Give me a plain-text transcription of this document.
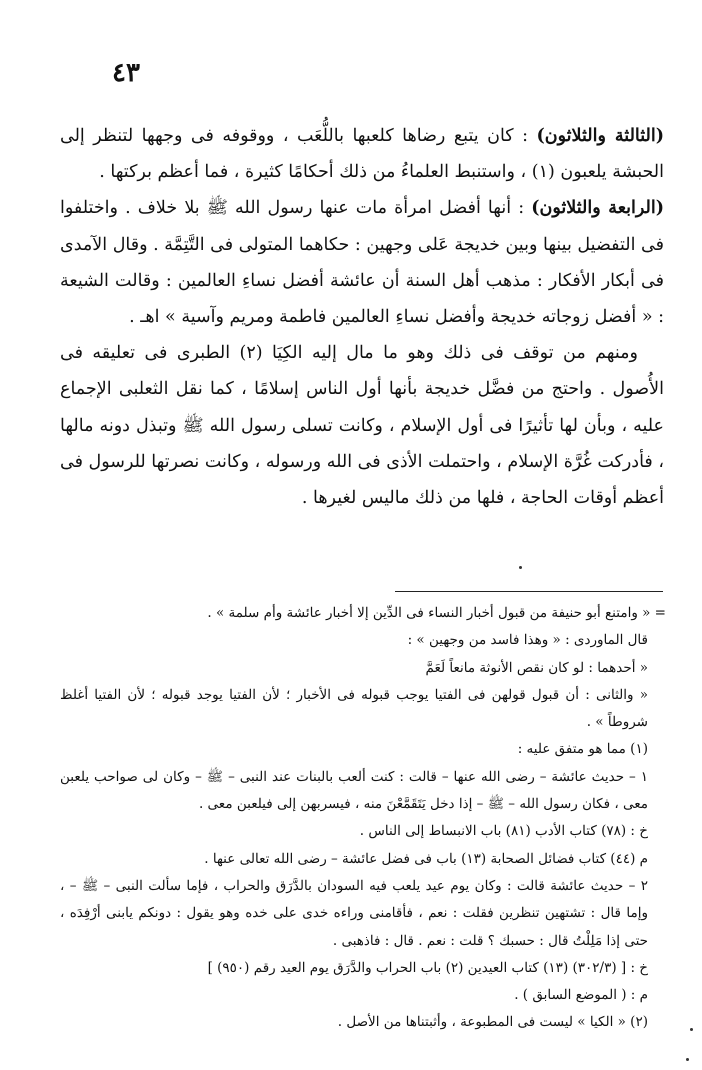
٤٣

(الثالثة والثلاثون) : كان يتبع رضاها كلعبها باللُّعَب ، ووقوفه فى وجهها لتنظر إلى الحبشة يلعبون (١) ، واستنبط العلماءُ من ذلك أحكامًا كثيرة ، فما أعظم بركتها .

(الرابعة والثلاثون) : أنها أفضل امرأة مات عنها رسول الله ﷺ بلا خلاف . واختلفوا فى التفضيل بينها وبين خديجة عَلى وجهين : حكاهما المتولى فى التَّتِمَّة . وقال الآمدى فى أبكار الأفكار : مذهب أهل السنة أن عائشة أفضل نساءِ العالمين : وقالت الشيعة : « أفضل زوجاته خديجة وأفضل نساءِ العالمين فاطمة ومريم وآسية » اهـ .

ومنهم من توقف فى ذلك وهو ما مال إليه الكِيَا (٢) الطبرى فى تعليقه فى الأُصول . واحتج من فضَّل خديجة بأنها أول الناس إسلامًا ، كما نقل الثعلبى الإجماع عليه ، وبأن لها تأثيرًا فى أول الإسلام ، وكانت تسلى رسول الله ﷺ وتبذل دونه مالها ، فأدركت غُرَّة الإسلام ، واحتملت الأذى فى الله ورسوله ، وكانت نصرتها للرسول فى أعظم أوقات الحاجة ، فلها من ذلك ماليس لغيرها .

= « وامتنع أبو حنيفة من قبول أخبار النساء فى الدِّين إلا أخبار عائشة وأم سلمة » .

قال الماوردى : « وهذا فاسد من وجهين » :

« أحدهما : لو كان نقص الأنوثة مانعاً لَعَمَّ

« والثانى : أن قبول قولهن فى الفتيا يوجب قبوله فى الأخبار ؛ لأن الفتيا يوجد قبوله ؛ لأن الفتيا أغلظ شروطاً » .

(١) مما هو متفق عليه :

١ – حديث عائشة – رضى الله عنها – قالت : كنت ألعب بالبنات عند النبى – ﷺ – وكان لى صواحب يلعبن معى ، فكان رسول الله – ﷺ – إذا دخل يَتَقَمَّعْنَ منه ، فيسربهن إلى فيلعبن معى .

خ : (٧٨) كتاب الأدب (٨١) باب الانبساط إلى الناس .

م (٤٤) كتاب فضائل الصحابة (١٣) باب فى فضل عائشة – رضى الله تعالى عنها .

٢ – حديث عائشة قالت : وكان يوم عيد يلعب فيه السودان بالدَّرَق والحراب ، فإما سألت النبى – ﷺ – ، وإما قال : تشتهين تنظرين فقلت : نعم ، فأقامنى وراءه خدى على خده وهو يقول : دونكم يابنى أرْفِدَه ، حتى إذا مَلِلْتُ قال : حسبك ؟ قلت : نعم . قال : فاذهبى .

خ : [ (٣٠٢/٣) (١٣) كتاب العيدين (٢) باب الحراب والدَّرَق يوم العيد رقم (٩٥٠) ]

م : ( الموضع السابق ) .

(٢) « الكيا » ليست فى المطبوعة ، وأثبتناها من الأصل .
